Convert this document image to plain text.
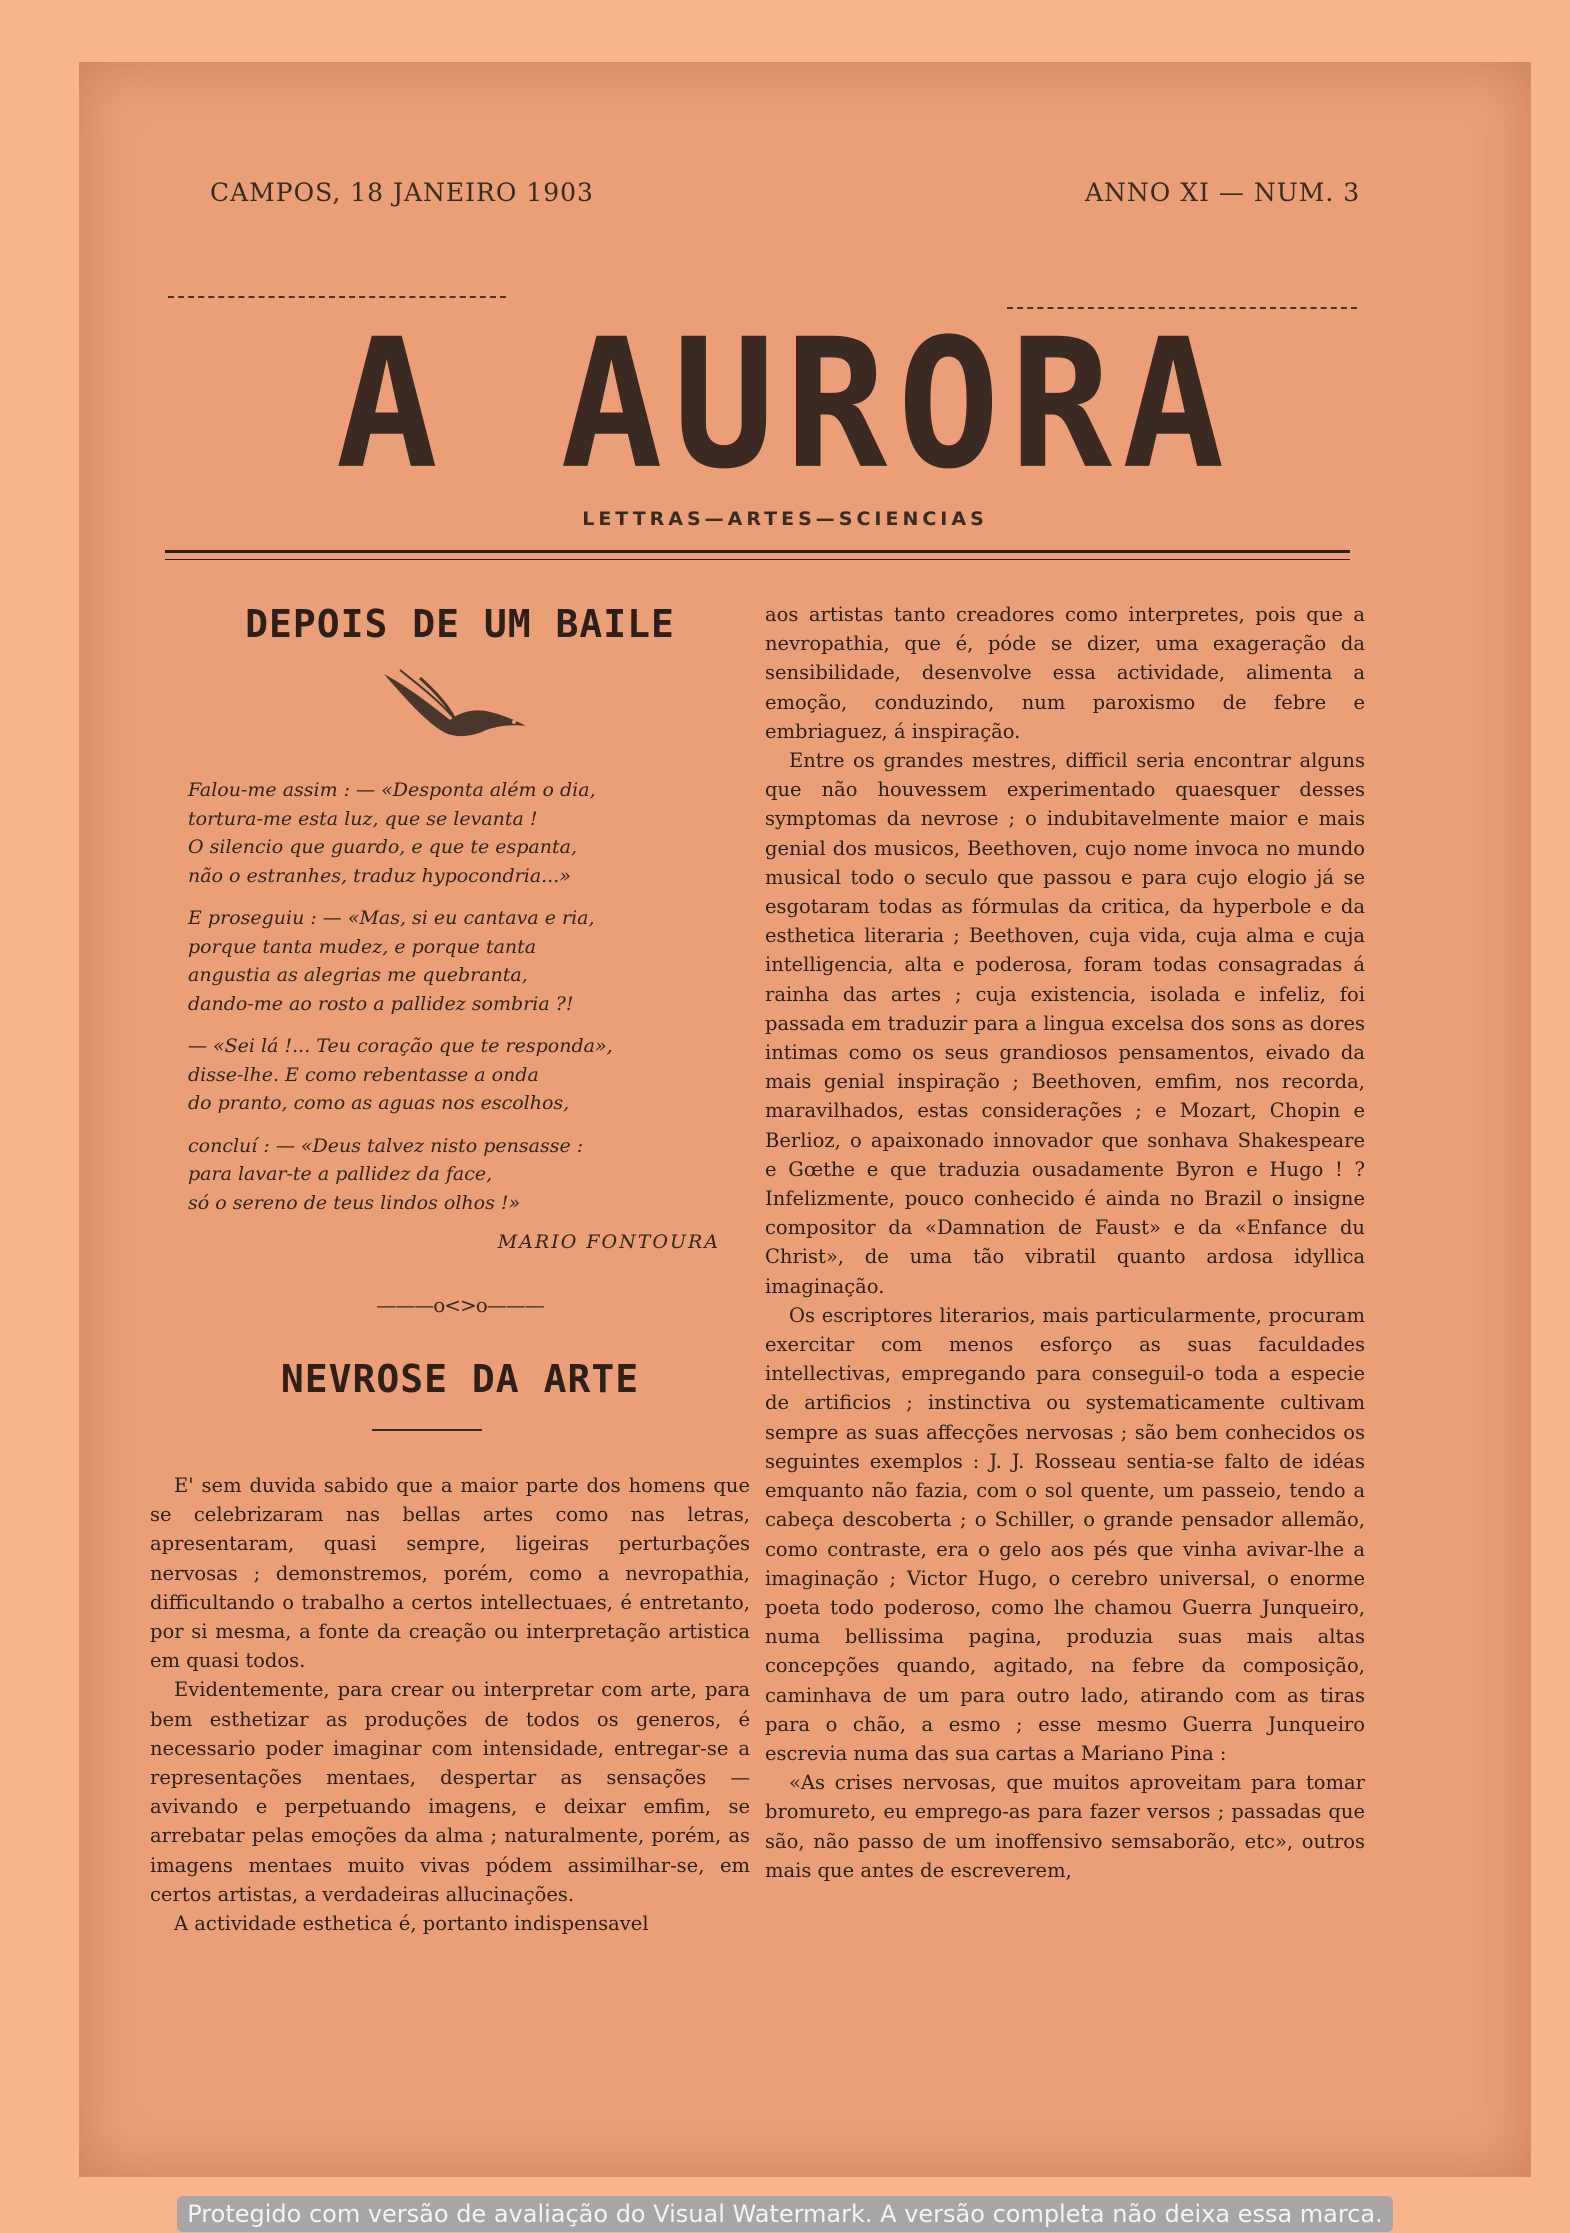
CAMPOS, 18 JANEIRO 1903	ANNO XI — NUM. 3
A AURORA
LETTRAS—ARTES—SCIENCIAS
DEPOIS DE UM BAILE
Falou-me assim : — «Desponta além o dia,
tortura-me esta luz, que se levanta !
O silencio que guardo, e que te espanta,
não o estranhes, traduz hypocondria...»
E proseguiu : — «Mas, si eu cantava e ria,
porque tanta mudez, e porque tanta
angustia as alegrias me quebranta,
dando-me ao rosto a pallidez sombria ?!
— «Sei lá !... Teu coração que te responda»,
disse-lhe. E como rebentasse a onda
do pranto, como as aguas nos escolhos,
concluí : — «Deus talvez nisto pensasse :
para lavar-te a pallidez da face,
só o sereno de teus lindos olhos !»
MARIO FONTOURA
———o<>o———
NEVROSE DA ARTE

E' sem duvida sabido que a maior parte dos homens que se celebrizaram nas bellas artes como nas letras, apresentaram, quasi sempre, ligeiras perturbações nervosas ; demonstremos, porém, como a nevropathia, difficultando o trabalho a certos intellectuaes, é entretanto, por si mesma, a fonte da creação ou interpretação artistica em quasi todos.

Evidentemente, para crear ou interpretar com arte, para bem esthetizar as produções de todos os generos, é necessario poder imaginar com intensidade, entregar-se a representações mentaes, despertar as sensações — avivando e perpetuando imagens, e deixar emfim, se arrebatar pelas emoções da alma ; naturalmente, porém, as imagens mentaes muito vivas pódem assimilhar-se, em certos artistas, a verdadeiras allucinações.

A actividade esthetica é, portanto indispensavel

aos artistas tanto creadores como interpretes, pois que a nevropathia, que é, póde se dizer, uma exageração da sensibilidade, desenvolve essa actividade, alimenta a emoção, conduzindo, num paroxismo de febre e embriaguez, á inspiração.

Entre os grandes mestres, difficil seria encontrar alguns que não houvessem experimentado quaesquer desses symptomas da nevrose ; o indubitavelmente maior e mais genial dos musicos, Beethoven, cujo nome invoca no mundo musical todo o seculo que passou e para cujo elogio já se esgotaram todas as fórmulas da critica, da hyperbole e da esthetica literaria ; Beethoven, cuja vida, cuja alma e cuja intelligencia, alta e poderosa, foram todas consagradas á rainha das artes ; cuja existencia, isolada e infeliz, foi passada em traduzir para a lingua excelsa dos sons as dores intimas como os seus grandiosos pensamentos, eivado da mais genial inspiração ; Beethoven, emfim, nos recorda, maravilhados, estas considerações ; e Mozart, Chopin e Berlioz, o apaixonado innovador que sonhava Shakespeare e Gœthe e que traduzia ousadamente Byron e Hugo ! ? Infelizmente, pouco conhecido é ainda no Brazil o insigne compositor da «Damnation de Faust» e da «Enfance du Christ», de uma tão vibratil quanto ardosa idyllica imaginação.

Os escriptores literarios, mais particularmente, procuram exercitar com menos esforço as suas faculdades intellectivas, empregando para conseguil-o toda a especie de artificios ; instinctiva ou systematicamente cultivam sempre as suas affecções nervosas ; são bem conhecidos os seguintes exemplos : J. J. Rosseau sentia-se falto de idéas emquanto não fazia, com o sol quente, um passeio, tendo a cabeça descoberta ; o Schiller, o grande pensador allemão, como contraste, era o gelo aos pés que vinha avivar-lhe a imaginação ; Victor Hugo, o cerebro universal, o enorme poeta todo poderoso, como lhe chamou Guerra Junqueiro, numa bellissima pagina, produzia suas mais altas concepções quando, agitado, na febre da composição, caminhava de um para outro lado, atirando com as tiras para o chão, a esmo ; esse mesmo Guerra Junqueiro escrevia numa das sua cartas a Mariano Pina :

«As crises nervosas, que muitos aproveitam para tomar bromureto, eu emprego-as para fazer versos ; passadas que são, não passo de um inoffensivo semsaborão, etc», outros mais que antes de escreverem,

Protegido com versão de avaliação do Visual Watermark. A versão completa não deixa essa marca.
